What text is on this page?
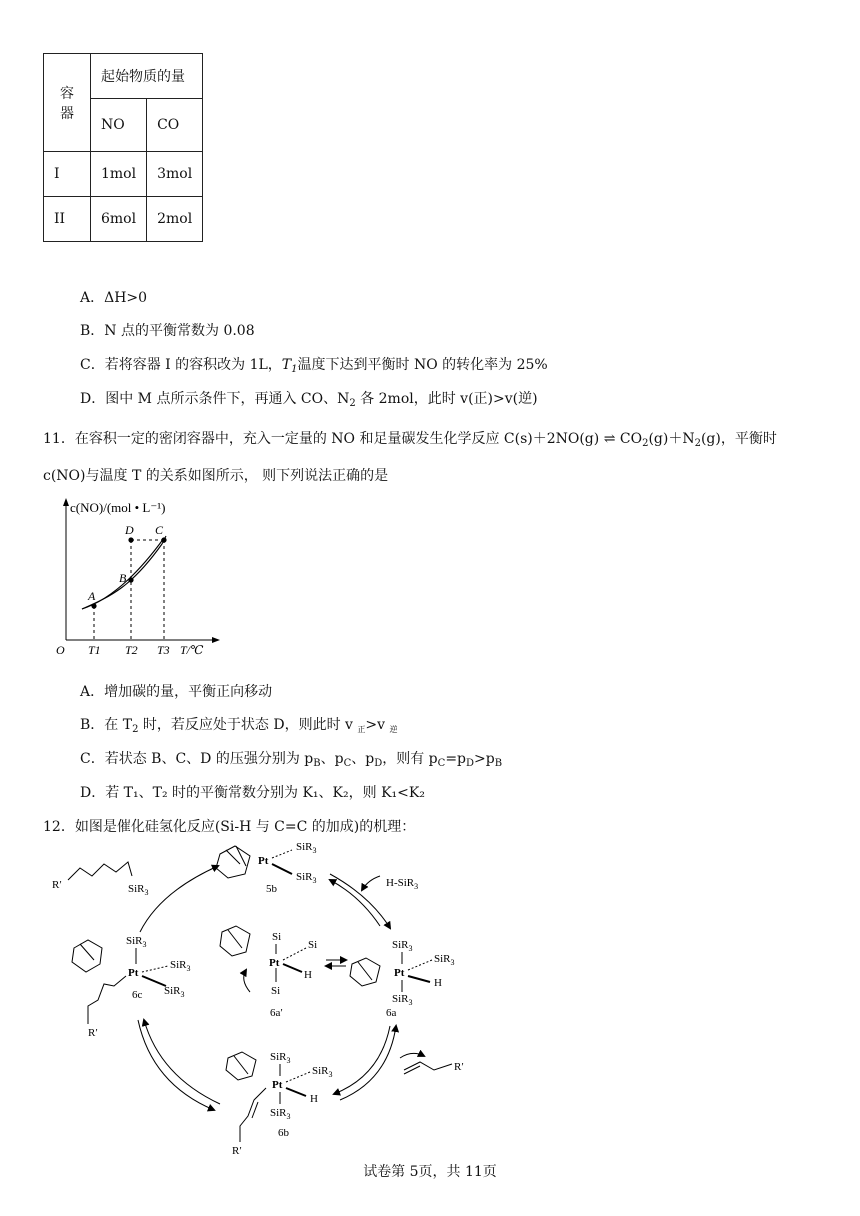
容器	起始物质的量	
	NO	CO
I	1mol	3mol
II	6mol	2mol
A．ΔH>0
B．N 点的平衡常数为 0.08
C．若将容器 I 的容积改为 1L，$T_1$温度下达到平衡时 NO 的转化率为 25%
D．图中 M 点所示条件下，再通入 CO、$N_2$ 各 2mol，此时 v(正)>v(逆)
11．在容积一定的密闭容器中，充入一定量的 NO 和足量碳发生化学反应 C(s)＋2NO(g) ⇌ $CO_2(g)+N_2(g)$，平衡时
c(NO)与温度 T 的关系如图所示， 则下列说法正确的是
c(NO)/(mol • L⁻¹)
A
B
C
D
O T1 T2 T3 T/℃
A．增加碳的量，平衡正向移动
B．在 $T_2$ 时，若反应处于状态 D，则此时 v $_正$>v $_逆$
C．若状态 B、C、D 的压强分别为 $p_B$、$p_C$、$p_D$，则有 $p_C=p_D>p_B$
D．若 T₁、T₂ 时的平衡常数分别为 K₁、K₂，则 K₁<K₂
12．如图是催化硅氢化反应(Si-H 与 C=C 的加成)的机理：
R′	SiR$_3$
Pt
SiR$_3$
SiR$_3$
5b	H-SiR$_3$
SiR$_3$
Pt
SiR$_3$
SiR$_3$
R′
6c
Si
Pt
Si
H
Si
6a′
SiR$_3$
Pt
SiR$_3$
H
SiR$_3$
6a
R′
SiR$_3$
Pt
SiR$_3$
H
SiR$_3$
R′
6b
试卷第 5页，共 11页
